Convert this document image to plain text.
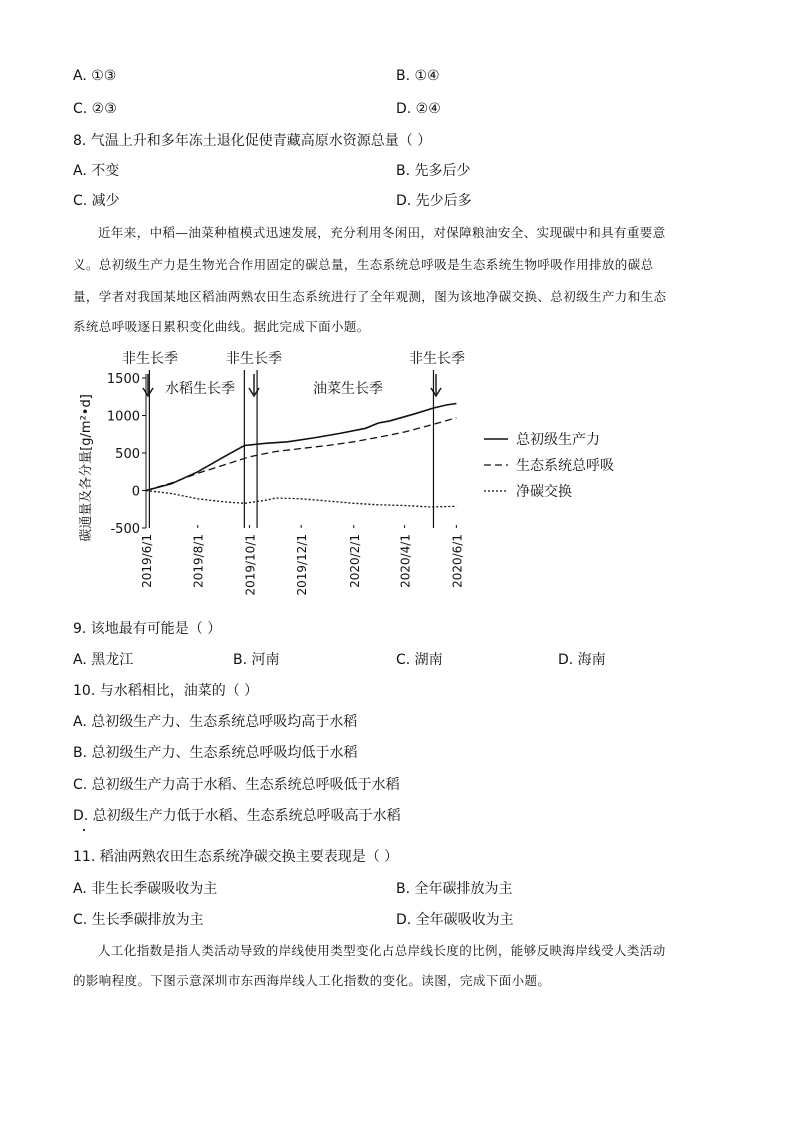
A. ①③	B. ①④
C. ②③	D. ②④
8. 气温上升和多年冻土退化促使青藏高原水资源总量（ ）
A. 不变	B. 先多后少
C. 减少	D. 先少后多
近年来，中稻—油菜种植模式迅速发展，充分利用冬闲田，对保障粮油安全、实现碳中和具有重要意
义。总初级生产力是生物光合作用固定的碳总量，生态系统总呼吸是生态系统生物呼吸作用排放的碳总
量，学者对我国某地区稻油两熟农田生态系统进行了全年观测，图为该地净碳交换、总初级生产力和生态
系统总呼吸逐日累积变化曲线。据此完成下面小题。
1500
1000
500
0
-500
2019/6/1	2019/8/1	2019/10/1	2019/12/1	2020/2/1	2020/4/1	2020/6/1
碳通量及各分量[g/m²•d]
非生长季	非生长季	非生长季
水稻生长季	油菜生长季
总初级生产力
生态系统总呼吸
净碳交换
9. 该地最有可能是（ ）
A. 黑龙江	B. 河南	C. 湖南	D. 海南
10. 与水稻相比，油菜的（ ）
A. 总初级生产力、生态系统总呼吸均高于水稻
B. 总初级生产力、生态系统总呼吸均低于水稻
C. 总初级生产力高于水稻、生态系统总呼吸低于水稻
D. 总初级生产力低于水稻、生态系统总呼吸高于水稻
11. 稻油两熟农田生态系统净碳交换主要表现是（ ）
A. 非生长季碳吸收为主	B. 全年碳排放为主
C. 生长季碳排放为主	D. 全年碳吸收为主
人工化指数是指人类活动导致的岸线使用类型变化占总岸线长度的比例，能够反映海岸线受人类活动
的影响程度。下图示意深圳市东西海岸线人工化指数的变化。读图，完成下面小题。
